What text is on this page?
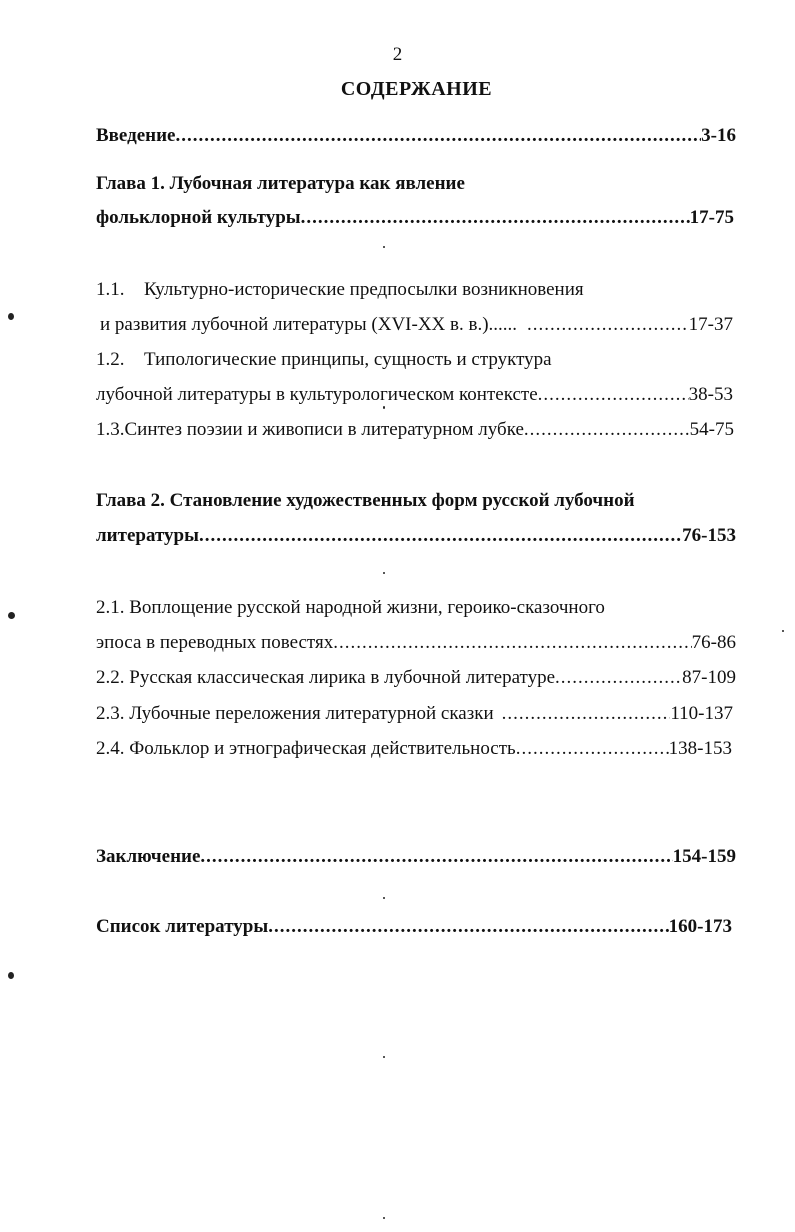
2
СОДЕРЖАНИЕ
Введение .....	3-16
Глава 1. Лубочная литература как явление
фольклорной культуры .....	17-75
1.1. Культурно-исторические предпосылки возникновения
и развития лубочной литературы (XVI-XX в. в.)...... .....	17-37
1.2. Типологические принципы, сущность и структура
лубочной литературы в культурологическом контексте .....	38-53
1.3. Синтез поэзии и живописи в литературном лубке .....	54-75
Глава 2. Становление художественных форм русской лубочной
литературы .....	76-153
2.1. Воплощение русской народной жизни, героико-сказочного
эпоса в переводных повестях .....	76-86
2.2. Русская классическая лирика в лубочной литературе .....	87-109
2.3. Лубочные переложения литературной сказки .....	110-137
2.4. Фольклор и этнографическая действительность .....	138-153
Заключение .....	154-159
Список литературы .....	160-173
